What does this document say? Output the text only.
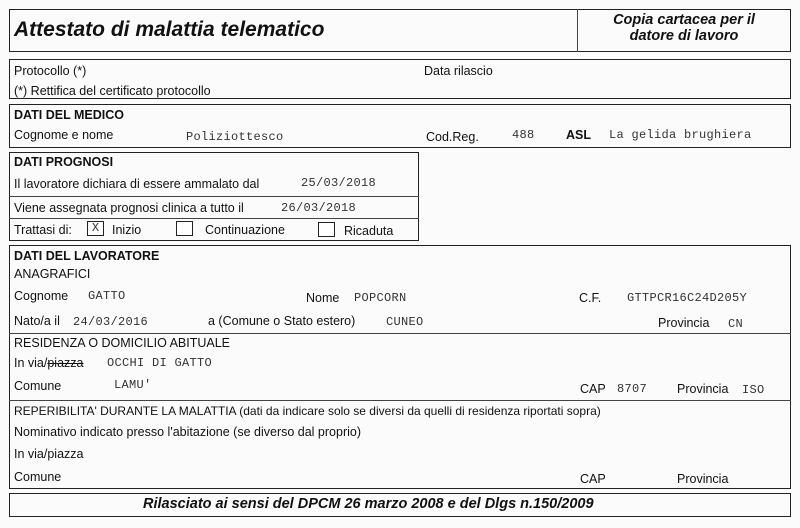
Attestato di malattia telematico	Copia cartacea per il
datore di lavoro
Protocollo (*)	Data rilascio
(*) Rettifica del certificato protocollo
DATI DEL MEDICO
Cognome e nome	Poliziottesco	Cod.Reg.	488	ASL La gelida brughiera
DATI PROGNOSI
Il lavoratore dichiara di essere ammalato dal	25/03/2018
Viene assegnata prognosi clinica a tutto il	26/03/2018
Trattasi di:	X	Inizio	Continuazione	Ricaduta
DATI DEL LAVORATORE
ANAGRAFICI
Cognome GATTO	Nome POPCORN	C.F. GTTPCR16C24D205Y
Nato/a il 24/03/2016	a (Comune o Stato estero)	CUNEO	Provincia CN
RESIDENZA O DOMICILIO ABITUALE
In via/piazza OCCHI DI GATTO
Comune	LAMU'	CAP 8707 Provincia ISO
REPERIBILITA' DURANTE LA MALATTIA (dati da indicare solo se diversi da quelli di residenza riportati sopra)
Nominativo indicato presso l'abitazione (se diverso dal proprio)
In via/piazza
Comune	CAP	Provincia
Rilasciato ai sensi del DPCM 26 marzo 2008 e del Dlgs n.150/2009
